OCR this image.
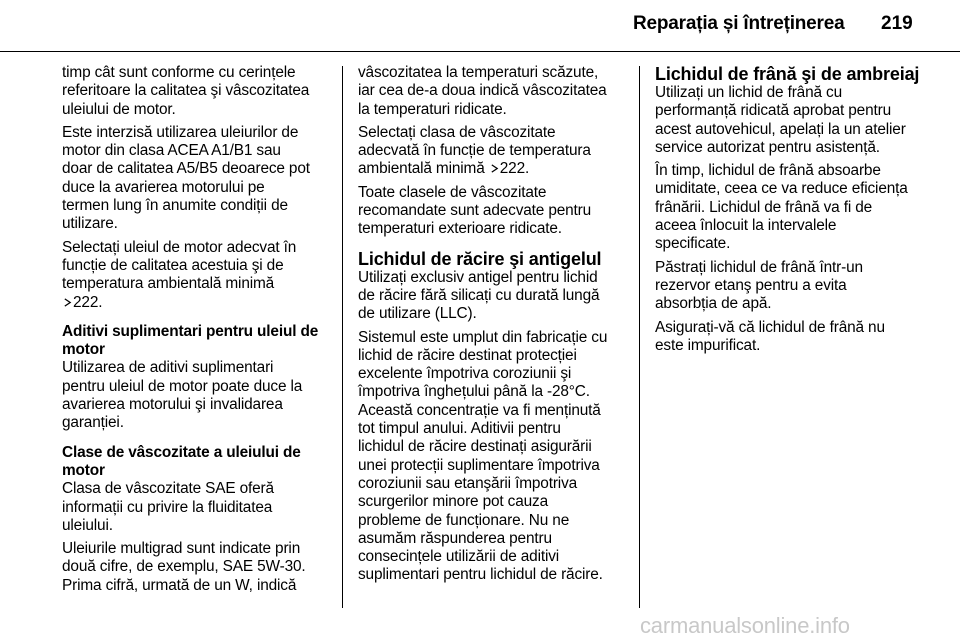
Reparația și întreținerea 219

timp cât sunt conforme cu cerințele
referitoare la calitatea şi vâscozitatea
uleiului de motor.

Este interzisă utilizarea uleiurilor de
motor din clasa ACEA A1/B1 sau
doar de calitatea A5/B5 deoarece pot
duce la avarierea motorului pe
termen lung în anumite condiții de
utilizare.

Selectați uleiul de motor adecvat în
funcție de calitatea acestuia şi de
temperatura ambientală minimă
222.

Aditivi suplimentari pentru uleiul de
motor

Utilizarea de aditivi suplimentari
pentru uleiul de motor poate duce la
avarierea motorului şi invalidarea
garanției.

Clase de vâscozitate a uleiului de
motor

Clasa de vâscozitate SAE oferă
informații cu privire la fluiditatea
uleiului.

Uleiurile multigrad sunt indicate prin
două cifre, de exemplu, SAE 5W-30.
Prima cifră, urmată de un W, indică

vâscozitatea la temperaturi scăzute,
iar cea de-a doua indică vâscozitatea
la temperaturi ridicate.

Selectați clasa de vâscozitate
adecvată în funcție de temperatura
ambientală minimă 222.

Toate clasele de vâscozitate
recomandate sunt adecvate pentru
temperaturi exterioare ridicate.

Lichidul de răcire şi antigelul

Utilizați exclusiv antigel pentru lichid
de răcire fără silicați cu durată lungă
de utilizare (LLC).

Sistemul este umplut din fabricație cu
lichid de răcire destinat protecției
excelente împotriva coroziunii şi
împotriva înghețului până la -28°C.
Această concentrație va fi menținută
tot timpul anului. Aditivii pentru
lichidul de răcire destinați asigurării
unei protecții suplimentare împotriva
coroziunii sau etanşării împotriva
scurgerilor minore pot cauza
probleme de funcționare. Nu ne
asumăm răspunderea pentru
consecințele utilizării de aditivi
suplimentari pentru lichidul de răcire.

Lichidul de frână şi de ambreiaj

Utilizați un lichid de frână cu
performanță ridicată aprobat pentru
acest autovehicul, apelați la un atelier
service autorizat pentru asistență.

În timp, lichidul de frână absoarbe
umiditate, ceea ce va reduce eficiența
frânării. Lichidul de frână va fi de
aceea înlocuit la intervalele
specificate.

Păstrați lichidul de frână într-un
rezervor etanş pentru a evita
absorbția de apă.

Asigurați-vă că lichidul de frână nu
este impurificat.

carmanualsonline.info
